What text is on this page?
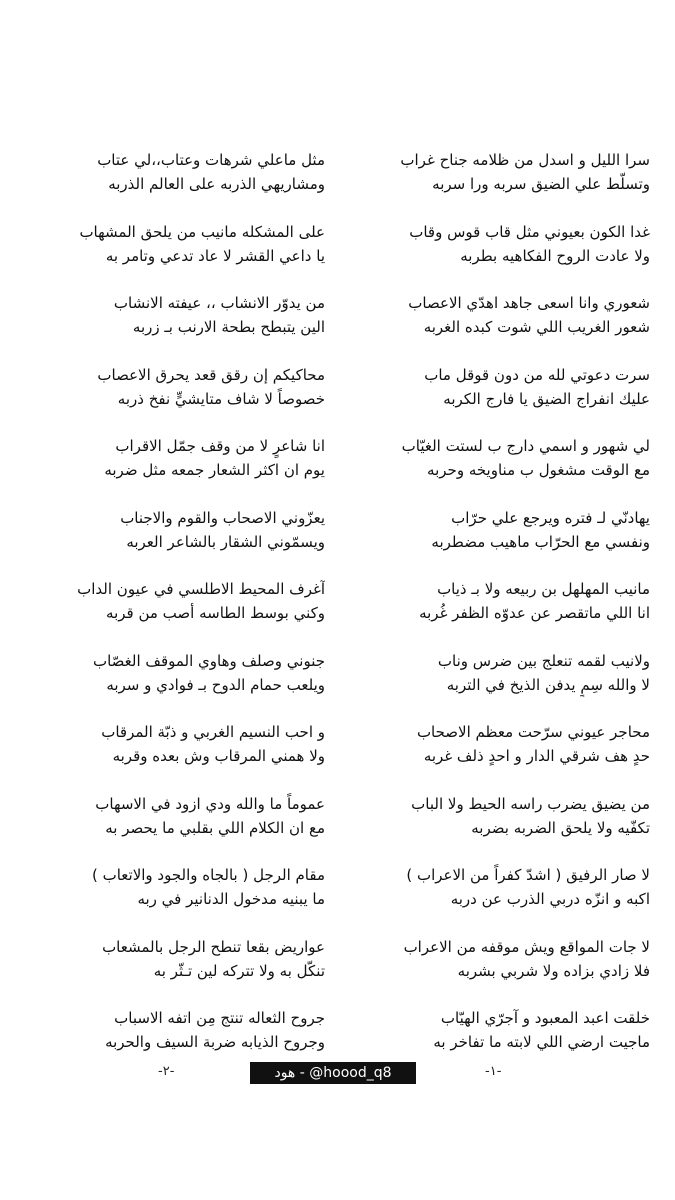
سرا الليل و اسدل من ظلامه جناح غراب
وتسلّط علي الضيق سربه ورا سربه
غدا الكون بعيوني مثل قاب قوس وقاب
ولا عادت الروح الفكاهيه بطربه
شعوري وانا اسعى جاهد اهدّي الاعصاب
شعور الغريب اللي شوت كبده الغربه
سرت دعوتي لله من دون قوقل ماب
عليك انفراج الضيق يا فارج الكربه
لي شهور و اسمي دارج ب لستت الغيّاب
مع الوقت مشغول ب مناويخه وحربه
يهادنّي لـ فتره ويرجع علي حرّاب
ونفسي مع الحرّاب ماهيب مضطربه
مانيب المهلهل بن ربيعه ولا بـ ذياب
انا اللي ماتقصر عن عدوّه الظفر غُربه
ولانيب لقمه تنعلج بين ضرس وناب
لا والله سِمٍ يدفن الذيخ في التربه
محاجر عيوني سرّحت معظم الاصحاب
حدٍ هف شرقي الدار و احدٍ ذلف غربه
من يضيق يضرب راسه الحيط ولا الباب
تكفّيه ولا يلحق الضربه بضربه
لا صار الرفيق ( اشدّ كفراً من الاعراب )
اكبه و انزّه دربي الذرب عن دربه
لا جات المواقع ويش موقفه من الاعراب
فلا زادي بزاده ولا شربي بشربه
خلقت اعبد المعبود و آجرّي الهيّاب
ماجيت ارضي اللي لابته ما تفاخر به
مثل ماعلي شرهات وعتاب،،لي عتاب
ومشاريهي الذربه على العالم الذربه
على المشكله مانيب من يلحق المشهاب
يا داعي القشر لا عاد تدعي وتامر به
من يدوّر الانشاب ،، عيفته الانشاب
الين يتبطح بطحة الارنب بـ زربه
محاكيكم إن رقق قعد يحرق الاعصاب
خصوصاً لا شاف متايشيٍّ نفخ ذربه
انا شاعرٍ لا من وقف جمّل الاقراب
يوم ان اكثر الشعار جمعه مثل ضربه
يعزّوني الاصحاب والقوم والاجناب
ويسمّوني الشقار بالشاعر العربه
آغرف المحيط الاطلسي في عيون الداب
وكني بوسط الطاسه أصب من قربه
جنوني وصلف وهاوي الموقف الغصّاب
ويلعب حمام الدوح بـ فوادي و سربه
و احب النسيم الغربي و ذبّة المرقاب
ولا همني المرقاب وش بعده وقربه
عموماً ما والله ودي ازود في الاسهاب
مع ان الكلام اللي بقلبي ما يحصر به
مقام الرجل ( بالجاه والجود والاتعاب )
ما يبنيه مدخول الدنانير في ربه
عواريض بقعا تنطح الرجل بالمشعاب
تنكّل به ولا تتركه لين تـثّر به
جروح الثعاله تنتج مِن اتفه الاسباب
وجروح الذيابه ضربة السيف والحربه
-٢-	هود - @hoood_q8	-١-
